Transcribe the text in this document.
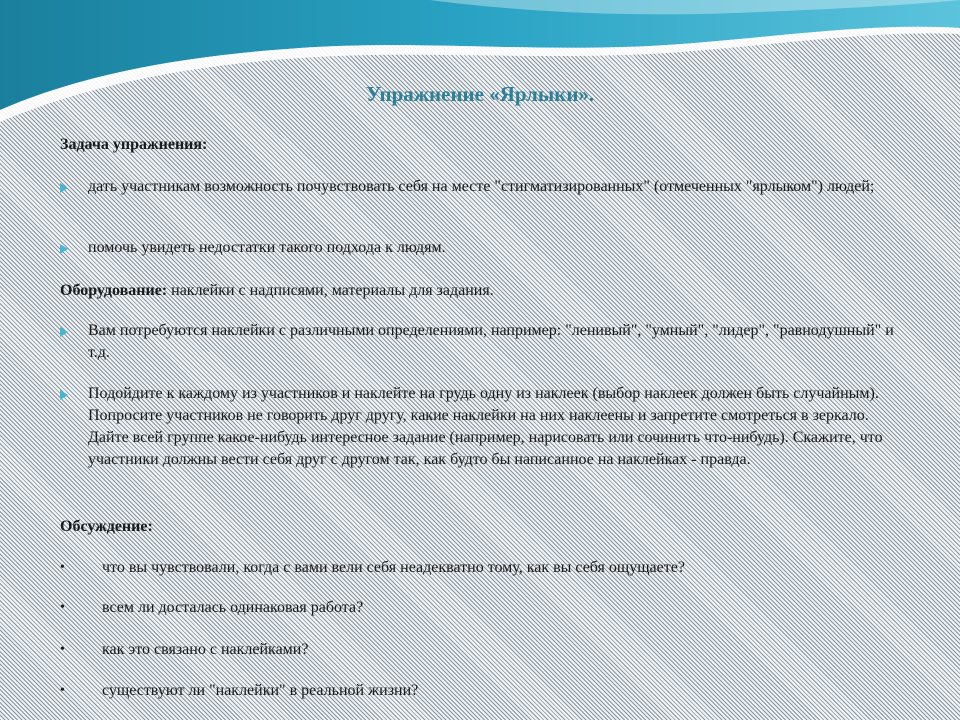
Упражнение «Ярлыки».

Задача упражнения:

дать участникам возможность почувствовать себя на месте "стигматизированных" (отмеченных "ярлыком") людей;

помочь увидеть недостатки такого подхода к людям.

Оборудование: наклейки с надписями, материалы для задания.

Вам потребуются наклейки с различными определениями, например: "ленивый", "умный", "лидер", "равнодушный" и т.д.

Подойдите к каждому из участников и наклейте на грудь одну из наклеек (выбор наклеек должен быть случайным). Попросите участников не говорить друг другу, какие наклейки на них наклеены и запретите смотреться в зеркало. Дайте всей группе какое-нибудь интересное задание (например, нарисовать или сочинить что-нибудь). Скажите, что участники должны вести себя друг с другом так, как будто бы написанное на наклейках - правда.

Обсуждение:

• что вы чувствовали, когда с вами вели себя неадекватно тому, как вы себя ощущаете?

• всем ли досталась одинаковая работа?

• как это связано с наклейками?

• существуют ли "наклейки" в реальной жизни?
